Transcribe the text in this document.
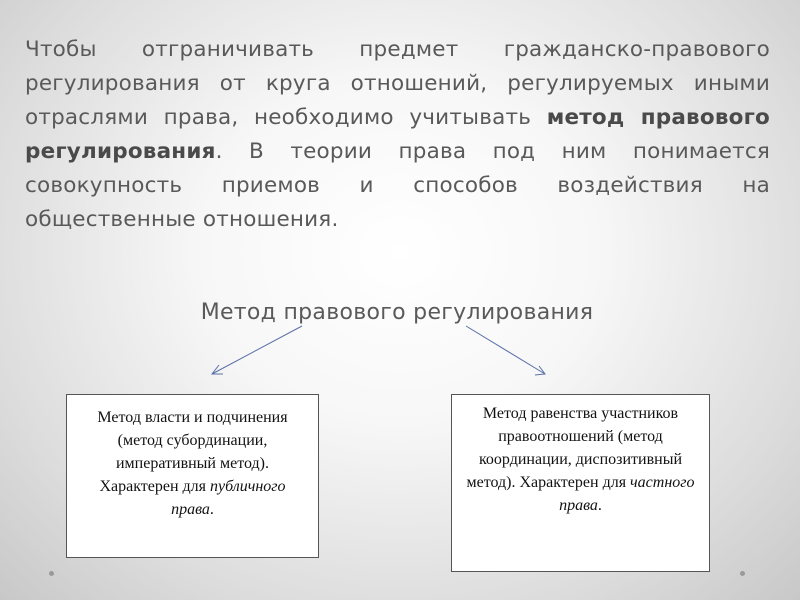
Чтобы отграничивать предмет гражданско-правового регулирования от круга отношений, регулируемых иными отраслями права, необходимо учитывать метод правового регулирования. В теории права под ним понимается совокупность приемов и способов воздействия на общественные отношения.

Метод правового регулирования
Метод власти и подчинения (метод субординации, императивный метод). Характерен для публичного права.
Метод равенства участников правоотношений (метод координации, диспозитивный метод). Характерен для частного права.
